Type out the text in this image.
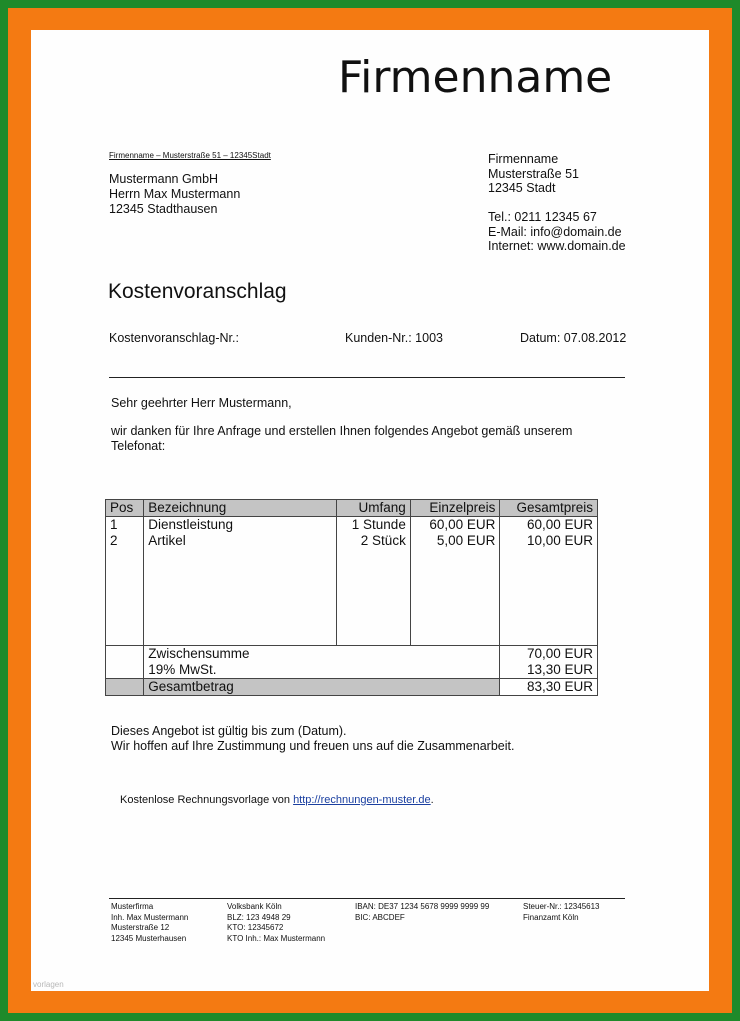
Firmenname
Firmenname – Musterstraße 51 – 12345Stadt
Mustermann GmbH
Herrn Max Mustermann
12345 Stadthausen
Firmenname
Musterstraße 51
12345 Stadt
Tel.: 0211 12345 67
E-Mail: info@domain.de
Internet: www.domain.de
Kostenvoranschlag
Kostenvoranschlag-Nr.:	Kunden-Nr.: 1003	Datum: 07.08.2012
Sehr geehrter Herr Mustermann,
wir danken für Ihre Anfrage und erstellen Ihnen folgendes Angebot gemäß unserem
Telefonat:
Pos	Bezeichnung	Umfang	Einzelpreis	Gesamtpreis
1	Dienstleistung	1 Stunde	60,00 EUR	60,00 EUR
2	Artikel	2 Stück	5,00 EUR	10,00 EUR

	Zwischensumme			70,00 EUR
	19% MwSt.			13,30 EUR
	Gesamtbetrag			83,30 EUR
Dieses Angebot ist gültig bis zum (Datum).
Wir hoffen auf Ihre Zustimmung und freuen uns auf die Zusammenarbeit.
Kostenlose Rechnungsvorlage von http://rechnungen-muster.de.
Musterfirma
Inh. Max Mustermann
Musterstraße 12
12345 Musterhausen
Volksbank Köln
BLZ: 123 4948 29
KTO: 12345672
KTO Inh.: Max Mustermann
IBAN: DE37 1234 5678 9999 9999 99
BIC: ABCDEF
Steuer-Nr.: 12345613
Finanzamt Köln
vorlagen
